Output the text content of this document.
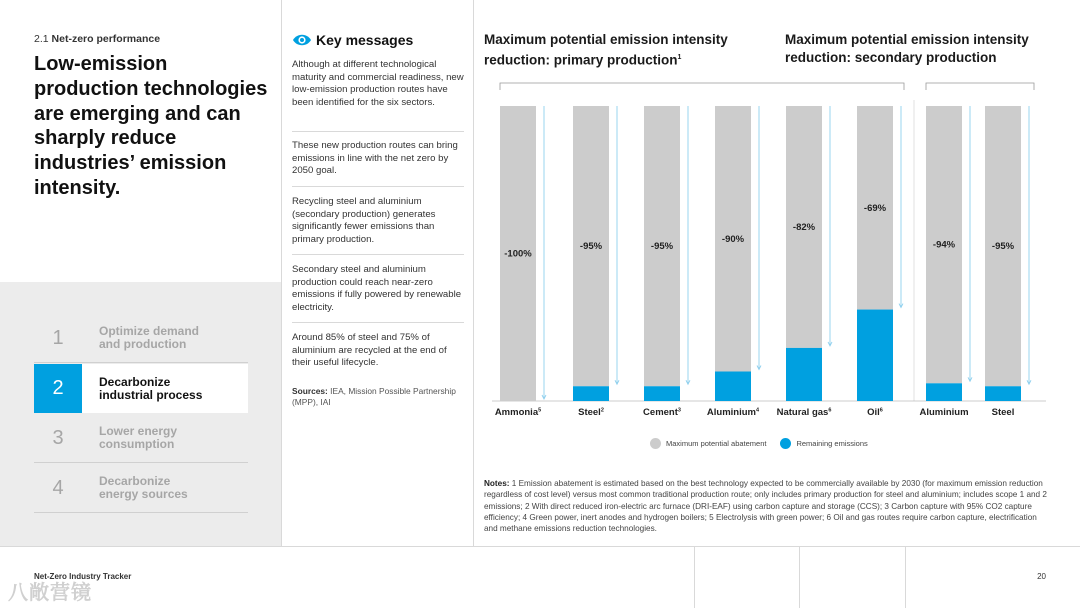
2.1 Net-zero performance
Low-emission production technologies are emerging and can sharply reduce industries’ emission intensity.
1	Optimize demand
and production
2	Decarbonize
industrial process
3	Lower energy
consumption
4	Decarbonize
energy sources
Key messages
Although at different technological maturity and commercial readiness, new low-emission production routes have been identified for the six sectors.
These new production routes can bring emissions in line with the net zero by 2050 goal.
Recycling steel and aluminium (secondary production) generates significantly fewer emissions than primary production.
Secondary steel and aluminium production could reach near-zero emissions if fully powered by renewable electricity.
Around 85% of steel and 75% of aluminium are recycled at the end of their useful lifecycle.
Sources: IEA, Mission Possible Partnership (MPP), IAI
Maximum potential emission intensity reduction: primary production$^1$
Maximum potential emission intensity reduction: secondary production
-100%
Ammonia$^5$
-95%
Steel$^2$
-95%
Cement$^3$
-90%
Aluminium$^4$
-82%
Natural gas$^6$
-69%
Oil$^6$
-94%
Aluminium
-95%
Steel
Maximum potential abatement	Remaining emissions
Notes: 1 Emission abatement is estimated based on the best technology expected to be commercially available by 2030 (for maximum emission reduction regardless of cost level) versus most common traditional production route; only includes primary production for steel and aluminium; includes scope 1 and 2 emissions; 2 With direct reduced iron-electric arc furnace (DRI-EAF) using carbon capture and storage (CCS); 3 Carbon capture with 95% CO2 capture efficiency; 4 Green power, inert anodes and hydrogen boilers; 5 Electrolysis with green power; 6 Oil and gas routes require carbon capture, electrification and methane emissions reduction technologies.
Net-Zero Industry Tracker	20
八敞营镜
